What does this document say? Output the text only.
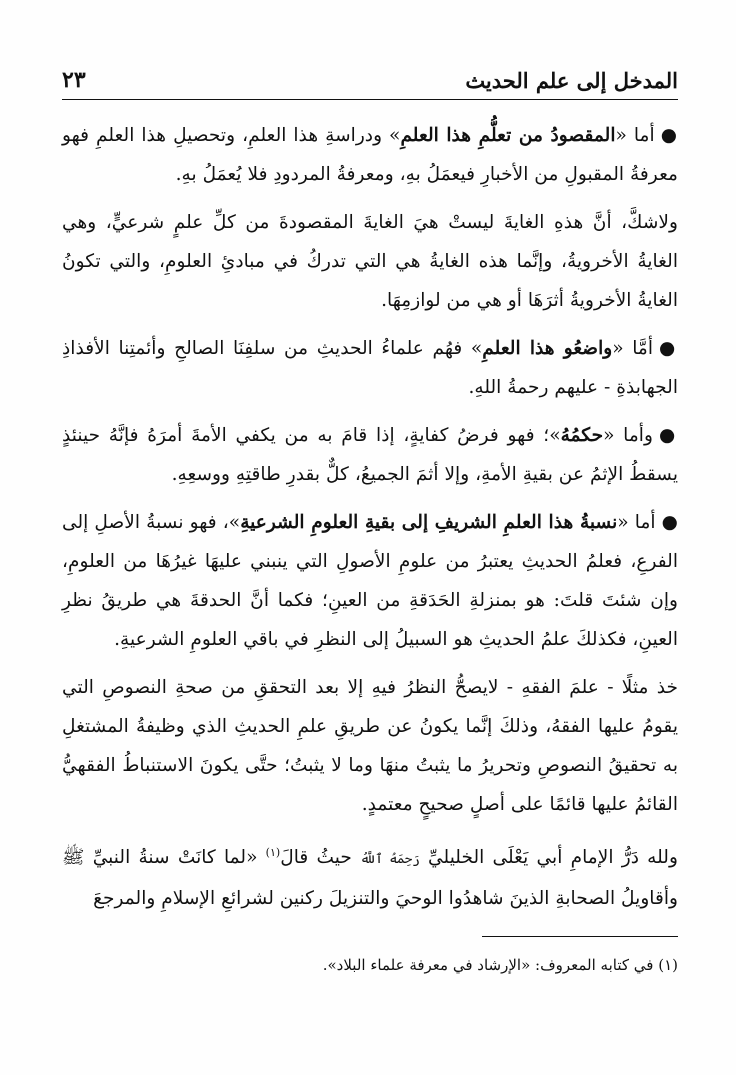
المدخل إلى علم الحديث
٢٣

●أما «المقصودُ من تعلُّمِ هذا العلمِ» ودراسةِ هذا العلمِ، وتحصيلِ هذا العلمِ فهو معرفةُ المقبولِ من الأخبارِ فيعمَلُ بهِ، ومعرفةُ المردودِ فلا يُعمَلُ بهِ.

ولاشكَّ، أنَّ هذهِ الغايةَ ليستْ هيَ الغايةَ المقصودةَ من كلِّ علمٍ شرعيٍّ، وهي الغايةُ الأخرويةُ، وإنَّما هذه الغايةُ هي التي تدركُ في مبادئِ العلومِ، والتي تكونُ الغايةُ الأخرويةُ أثرَهَا أو هي من لوازمِهَا.

●أمَّا «واضعُو هذا العلمِ» فهُم علماءُ الحديثِ من سلفِنَا الصالحِ وأئمتِنا الأفذاذِ الجهابذةِ - عليهم رحمةُ اللهِ.

●وأما «حكمُهُ»؛ فهو فرضُ كفايةٍ، إذا قامَ به من يكفي الأمةَ أمرَهُ فإنَّهُ حينئذٍ يسقطُ الإثمُ عن بقيةِ الأمةِ، وإلا أثمَ الجميعُ، كلٌّ بقدرِ طاقتِهِ ووسعِهِ.

●أما «نسبةُ هذا العلمِ الشريفِ إلى بقيةِ العلومِ الشرعيةِ»، فهو نسبةُ الأصلِ إلى الفرعِ، فعلمُ الحديثِ يعتبرُ من علومِ الأصولِ التي ينبني عليهَا غيرُهَا من العلومِ، وإن شئتَ قلتَ: هو بمنزلةِ الحَدَقةِ من العينِ؛ فكما أنَّ الحدقةَ هي طريقُ نظرِ العينِ، فكذلكَ علمُ الحديثِ هو السبيلُ إلى النظرِ في باقي العلومِ الشرعيةِ.

خذ مثلًا - علمَ الفقهِ - لايصحُّ النظرُ فيهِ إلا بعد التحققِ من صحةِ النصوصِ التي يقومُ عليها الفقهُ، وذلكَ إنَّما يكونُ عن طريقِ علمِ الحديثِ الذي وظيفةُ المشتغلِ به تحقيقُ النصوصِ وتحريرُ ما يثبتُ منهَا وما لا يثبتُ؛ حتَّى يكونَ الاستنباطُ الفقهيُّ القائمُ عليها قائمًا على أصلٍ صحيحٍ معتمدٍ.

ولله دَرُّ الإمامِ أبي يَعْلَى الخليليِّ رَحِمَهُ ٱللَّهُ حيثُ قالَ$^{(١)}$ «لما كانَتْ سنةُ النبيِّ ﷺ وأقاويلُ الصحابةِ الذينَ شاهدُوا الوحيَ والتنزيلَ ركنين لشرائعِ الإسلامِ والمرجعَ

(١) في كتابه المعروف: «الإرشاد في معرفة علماء البلاد».
